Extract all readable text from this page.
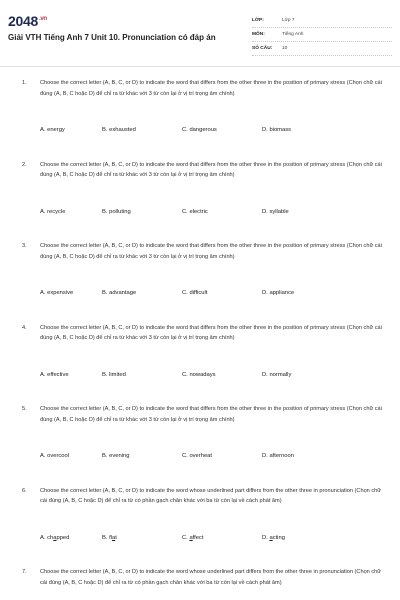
$2048^{.vn}$
Giải VTH Tiếng Anh 7 Unit 10. Pronunciation có đáp án
LỚP:	Lớp 7
MÔN:	Tiếng Anh
SỐ CÂU:	10
1. Choose the correct letter (A, B, C, or D) to indicate the word that differs from the other three in the position of primary stress (Chọn chữ cái đúng (A, B, C hoặc D) để chỉ ra từ khác với 3 từ còn lại ở vị trí trọng âm chính)
A. energy	B. exhausted	C. dangerous	D. biomass
2. Choose the correct letter (A, B, C, or D) to indicate the word that differs from the other three in the position of primary stress (Chọn chữ cái đúng (A, B, C hoặc D) để chỉ ra từ khác với 3 từ còn lại ở vị trí trọng âm chính)
A. recycle	B. polluting	C. electric	D. syllable
3. Choose the correct letter (A, B, C, or D) to indicate the word that differs from the other three in the position of primary stress (Chọn chữ cái đúng (A, B, C hoặc D) để chỉ ra từ khác với 3 từ còn lại ở vị trí trọng âm chính)
A. expensive	B. advantage	C. difficult	D. appliance
4. Choose the correct letter (A, B, C, or D) to indicate the word that differs from the other three in the position of primary stress (Chọn chữ cái đúng (A, B, C hoặc D) để chỉ ra từ khác với 3 từ còn lại ở vị trí trọng âm chính)
A. effective	B. limited	C. nowadays	D. normally
5. Choose the correct letter (A, B, C, or D) to indicate the word that differs from the other three in the position of primary stress (Chọn chữ cái đúng (A, B, C hoặc D) để chỉ ra từ khác với 3 từ còn lại ở vị trí trọng âm chính)
A. overcool	B. evening	C. overheat	D. afternoon
6. Choose the correct letter (A, B, C, or D) to indicate the word whose underlined part differs from the other three in pronunciation (Chọn chữ cái đúng (A, B, C hoặc D) để chỉ ra từ có phần gạch chân khác với ba từ còn lại về cách phát âm)
A. chapped	B. flat	C. affect	D. acting
7. Choose the correct letter (A, B, C, or D) to indicate the word whose underlined part differs from the other three in pronunciation (Chọn chữ cái đúng (A, B, C hoặc D) để chỉ ra từ có phần gạch chân khác với ba từ còn lại về cách phát âm)
